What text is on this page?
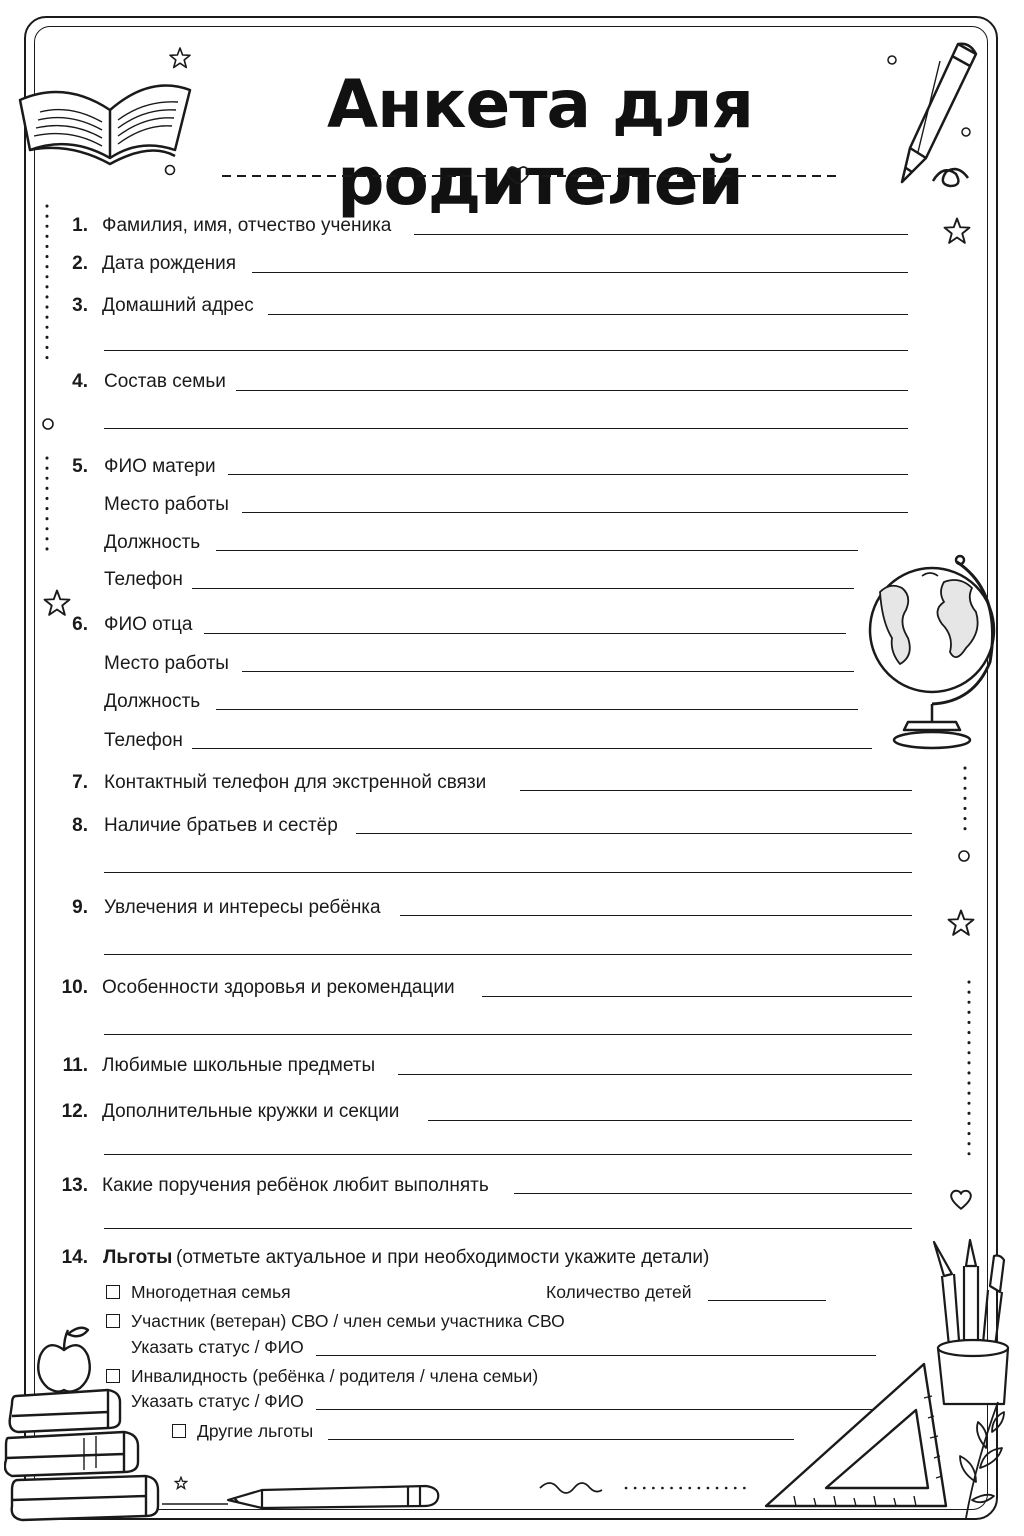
Анкета для родителей
1. Фамилия, имя, отчество ученика
2. Дата рождения
3. Домашний адрес
4. Состав семьи
5. ФИО матери
Место работы
Должность
Телефон
6. ФИО отца
Место работы
Должность
Телефон
7. Контактный телефон для экстренной связи
8. Наличие братьев и сестёр
9. Увлечения и интересы ребёнка
10. Особенности здоровья и рекомендации
11. Любимые школьные предметы
12. Дополнительные кружки и секции
13. Какие поручения ребёнок любит выполнять
14. Льготы (отметьте актуальное и при необходимости укажите детали)
Многодетная семья	Количество детей
Участник (ветеран) СВО / член семьи участника СВО
Указать статус / ФИО
Инвалидность (ребёнка / родителя / члена семьи)
Указать статус / ФИО
Другие льготы
